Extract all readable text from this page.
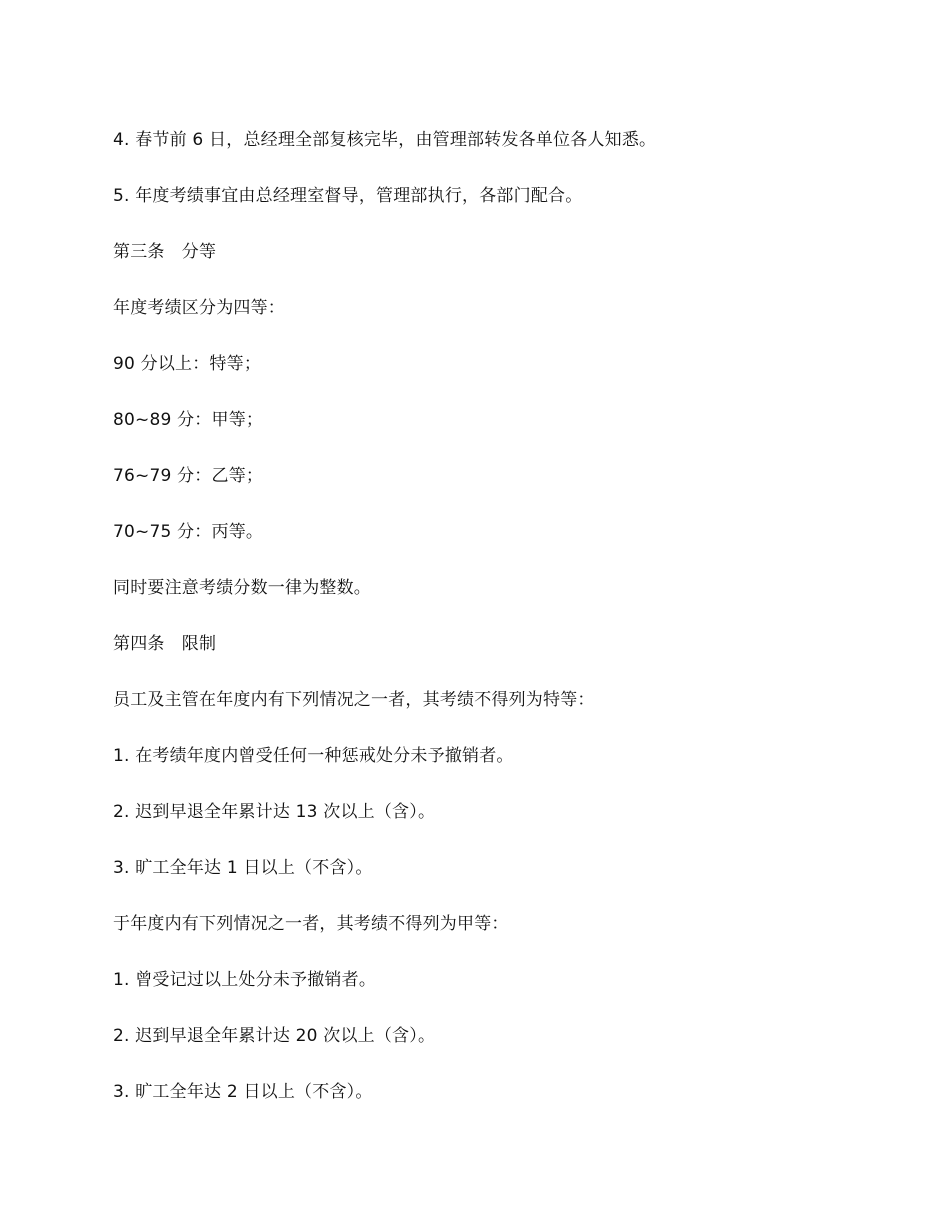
4. 春节前 6 日，总经理全部复核完毕，由管理部转发各单位各人知悉。
5. 年度考绩事宜由总经理室督导，管理部执行，各部门配合。
第三条　分等
年度考绩区分为四等：
90 分以上：特等；
80~89 分：甲等；
76~79 分：乙等；
70~75 分：丙等。
同时要注意考绩分数一律为整数。
第四条　限制
员工及主管在年度内有下列情况之一者，其考绩不得列为特等：
1. 在考绩年度内曾受任何一种惩戒处分未予撤销者。
2. 迟到早退全年累计达 13 次以上（含）。
3. 旷工全年达 1 日以上（不含）。
于年度内有下列情况之一者，其考绩不得列为甲等：
1. 曾受记过以上处分未予撤销者。
2. 迟到早退全年累计达 20 次以上（含）。
3. 旷工全年达 2 日以上（不含）。
